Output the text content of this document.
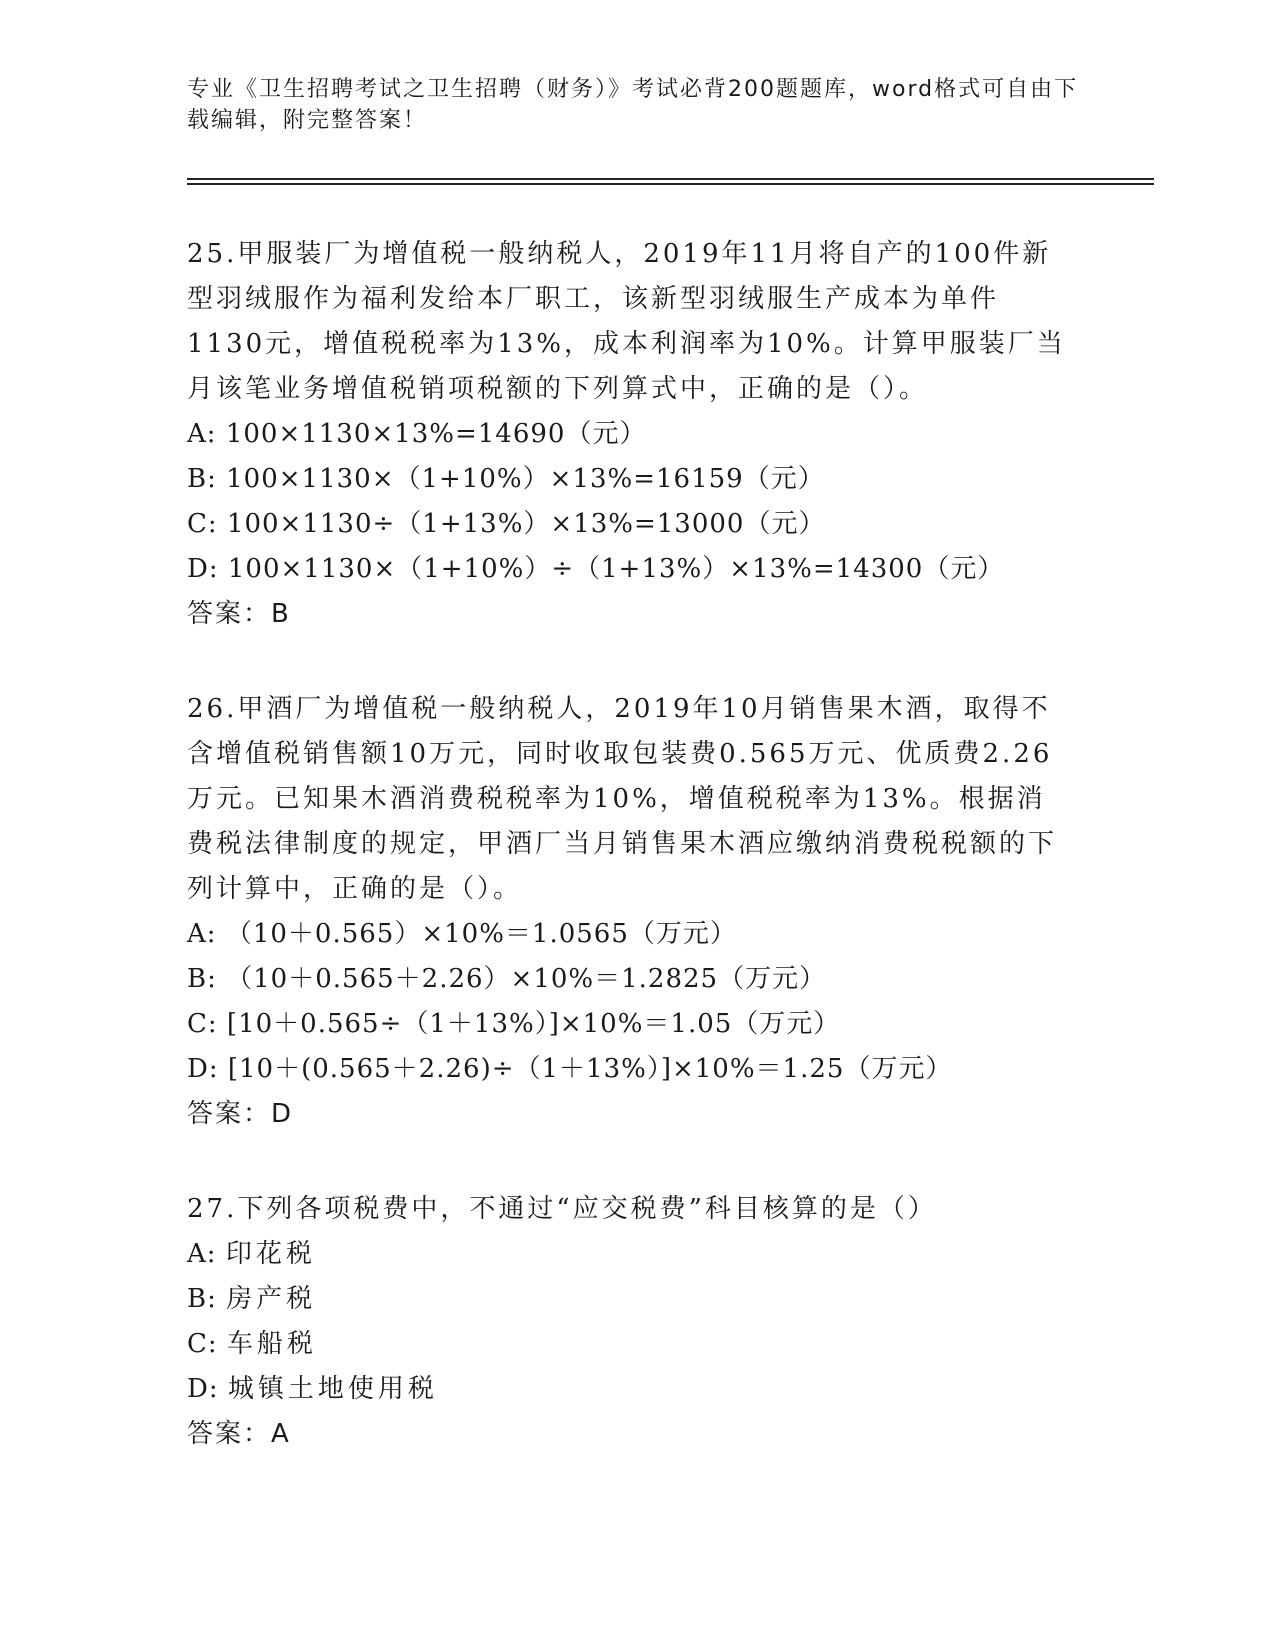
专业《卫生招聘考试之卫生招聘（财务）》考试必背200题题库，word格式可自由下载编辑，附完整答案！

25.甲服装厂为增值税一般纳税人，2019年11月将自产的100件新型羽绒服作为福利发给本厂职工，该新型羽绒服生产成本为单件1130元，增值税税率为13%，成本利润率为10%。计算甲服装厂当月该笔业务增值税销项税额的下列算式中，正确的是（）。

A: 100×1130×13%=14690（元）

B: 100×1130×（1+10%）×13%=16159（元）

C: 100×1130÷（1+13%）×13%=13000（元）

D: 100×1130×（1+10%）÷（1+13%）×13%=14300（元）

答案：B

26.甲酒厂为增值税一般纳税人，2019年10月销售果木酒，取得不含增值税销售额10万元，同时收取包装费0.565万元、优质费2.26万元。已知果木酒消费税税率为10%，增值税税率为13%。根据消费税法律制度的规定，甲酒厂当月销售果木酒应缴纳消费税税额的下列计算中，正确的是（）。

A: （10＋0.565）×10%＝1.0565（万元）

B: （10＋0.565＋2.26）×10%＝1.2825（万元）

C: [10＋0.565÷（1＋13%）]×10%＝1.05（万元）

D: [10＋(0.565＋2.26)÷（1＋13%）]×10%＝1.25（万元）

答案：D

27.下列各项税费中，不通过“应交税费”科目核算的是（）

A: 印花税

B: 房产税

C: 车船税

D: 城镇土地使用税

答案：A
